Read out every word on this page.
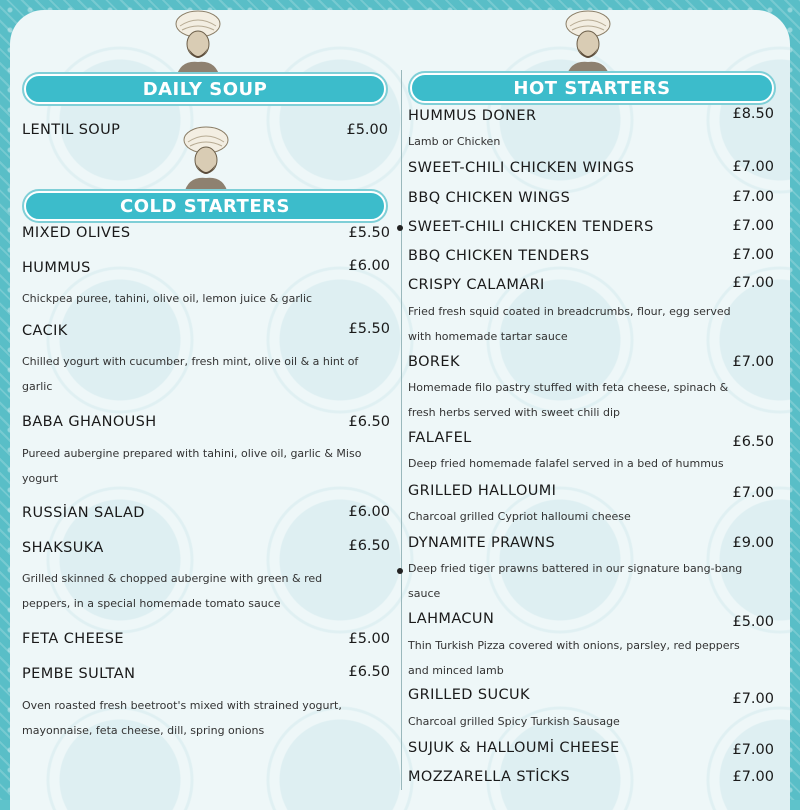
DAILY SOUP
COLD STARTERS
HOT STARTERS
LENTIL SOUP	£5.00
MIXED OLIVES	£5.50
HUMMUS	£6.00
Chickpea puree, tahini, olive oil, lemon juice & garlic
CACIK	£5.50
Chilled yogurt with cucumber, fresh mint, olive oil & a hint of garlic
BABA GHANOUSH	£6.50
Pureed aubergine prepared with tahini, olive oil, garlic & Miso yogurt
RUSSİAN SALAD	£6.00
SHAKSUKA	£6.50
Grilled skinned & chopped aubergine with green & red peppers, in a special homemade tomato sauce
FETA CHEESE	£5.00
PEMBE SULTAN	£6.50
Oven roasted fresh beetroot's mixed with strained yogurt, mayonnaise, feta cheese, dill, spring onions
HUMMUS DONER	£8.50
Lamb or Chicken
SWEET-CHILI CHICKEN WINGS	£7.00
BBQ CHICKEN WINGS	£7.00
SWEET-CHILI CHICKEN TENDERS	£7.00
BBQ CHICKEN TENDERS	£7.00
CRISPY CALAMARI	£7.00
Fried fresh squid coated in breadcrumbs, flour, egg served with homemade tartar sauce
BOREK	£7.00
Homemade filo pastry stuffed with feta cheese, spinach & fresh herbs served with sweet chili dip
FALAFEL	£6.50
Deep fried homemade falafel served in a bed of hummus
GRILLED HALLOUMI	£7.00
Charcoal grilled Cypriot halloumi cheese
DYNAMITE PRAWNS	£9.00
Deep fried tiger prawns battered in our signature bang-bang sauce
LAHMACUN	£5.00
Thin Turkish Pizza covered with onions, parsley, red peppers and minced lamb
GRILLED SUCUK	£7.00
Charcoal grilled Spicy Turkish Sausage
SUJUK & HALLOUMİ CHEESE	£7.00
MOZZARELLA STİCKS	£7.00
